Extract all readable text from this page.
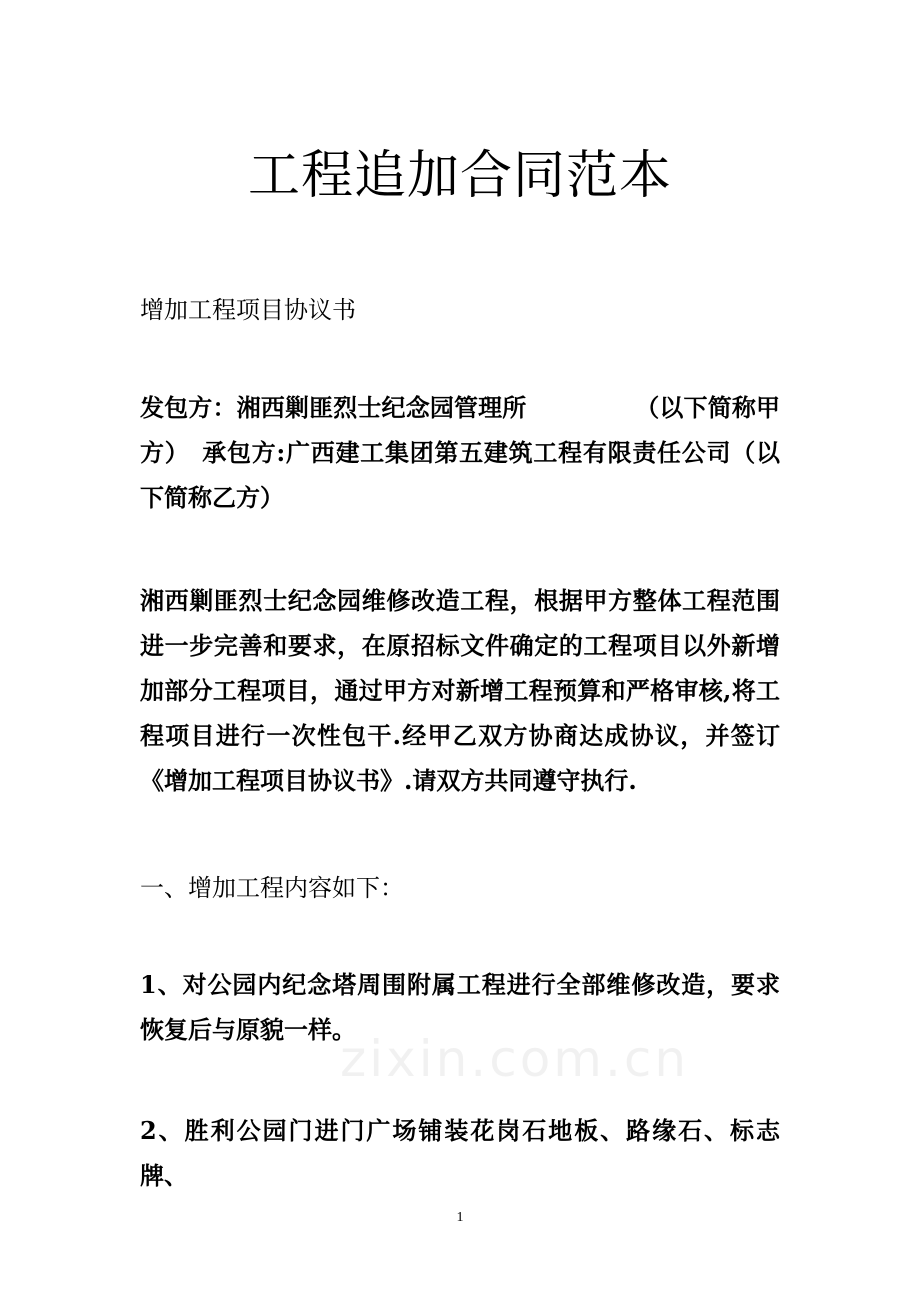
工程追加合同范本

增加工程项目协议书

发包方：湘西剿匪烈士纪念园管理所　　　　　（以下简称甲方）　承包方:广西建工集团第五建筑工程有限责任公司（以下简称乙方）

湘西剿匪烈士纪念园维修改造工程，根据甲方整体工程范围进一步完善和要求，在原招标文件确定的工程项目以外新增加部分工程项目，通过甲方对新增工程预算和严格审核,将工程项目进行一次性包干.经甲乙双方协商达成协议，并签订《增加工程项目协议书》.请双方共同遵守执行.

一、增加工程内容如下：

1、对公园内纪念塔周围附属工程进行全部维修改造，要求恢复后与原貌一样。

2、胜利公园门进门广场铺装花岗石地板、路缘石、标志牌、

zixin.com.cn
1
